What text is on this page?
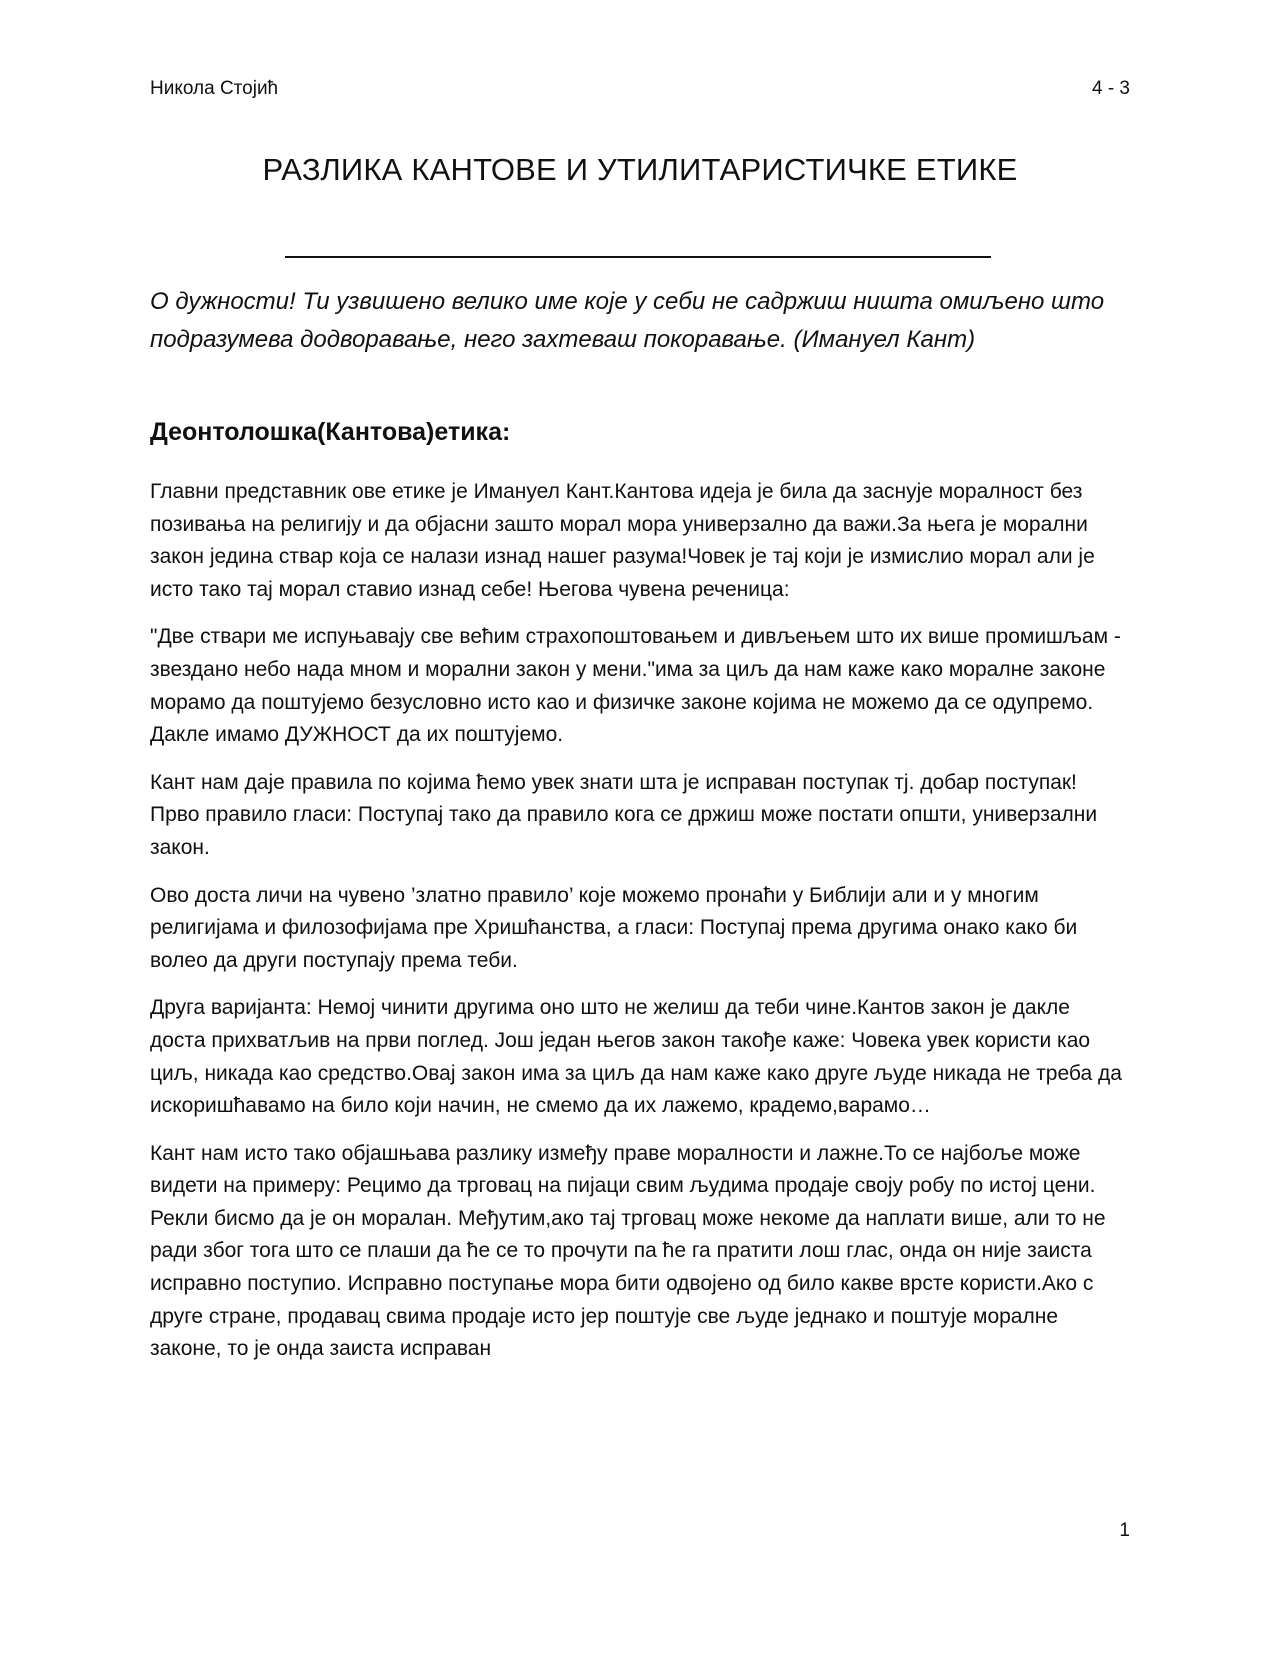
Никола Стојић	4 - 3
РАЗЛИКА КАНТОВЕ И УТИЛИТАРИСТИЧКЕ ЕТИКЕ
О дужности! Ти узвишено велико име које у себи не садржиш ништа омиљено што подразумева додворавање, него захтеваш покоравање. (Имануел Кант)
Деонтолошка(Кантова)етика:

Главни представник ове етике је Имануел Кант.Кантова идеја је била да заснује моралност без позивања на религију и да објасни зашто морал мора универзално да важи.За њега је морални закон једина ствар која се налази изнад нашег разума!Човек је тај који је измислио морал али је исто тако тај морал ставио изнад себе! Његова чувена реченица:

"Две ствари ме испуњавају све већим страхопоштовањем и дивљењем што их више промишљам - звездано небо нада мном и морални закон у мени."има за циљ да нам каже како моралне законе морамо да поштујемо безусловно исто као и физичке законе којима не можемо да се одупремо. Дакле имамо ДУЖНОСТ да их поштујемо.

Кант нам даје правила по којима ћемо увек знати шта је исправан поступак тј. добар поступак! Прво правило гласи: Поступај тако да правило кога се држиш може постати општи, универзални закон.

Ово доста личи на чувено ’златно правило’ које можемо пронаћи у Библији али и у многим религијама и филозофијама пре Хришћанства, а гласи: Поступај према другима онако како би волео да други поступају према теби.

Друга варијанта: Немој чинити другима оно што не желиш да теби чине.Кантов закон је дакле доста прихватљив на први поглед. Још један његов закон такође каже: Човека увек користи као циљ, никада као средство.Овај закон има за циљ да нам каже како друге људе никада не треба да искоришћавамо на било који начин, не смемо да их лажемо, крадемо,варамо…

Кант нам исто тако објашњава разлику између праве моралности и лажне.То се најбоље може видети на примеру: Рецимо да трговац на пијаци свим људима продаје своју робу по истој цени. Рекли бисмо да је он моралан. Међутим,ако тај трговац може некоме да наплати више, али то не ради због тога што се плаши да ће се то прочути па ће га пратити лош глас, онда он није заиста исправно поступио. Исправно поступање мора бити одвојено од било какве врсте користи.Ако с друге стране, продавац свима продаје исто јер поштује све људе једнако и поштује моралне законе, то је онда заиста исправан

1
